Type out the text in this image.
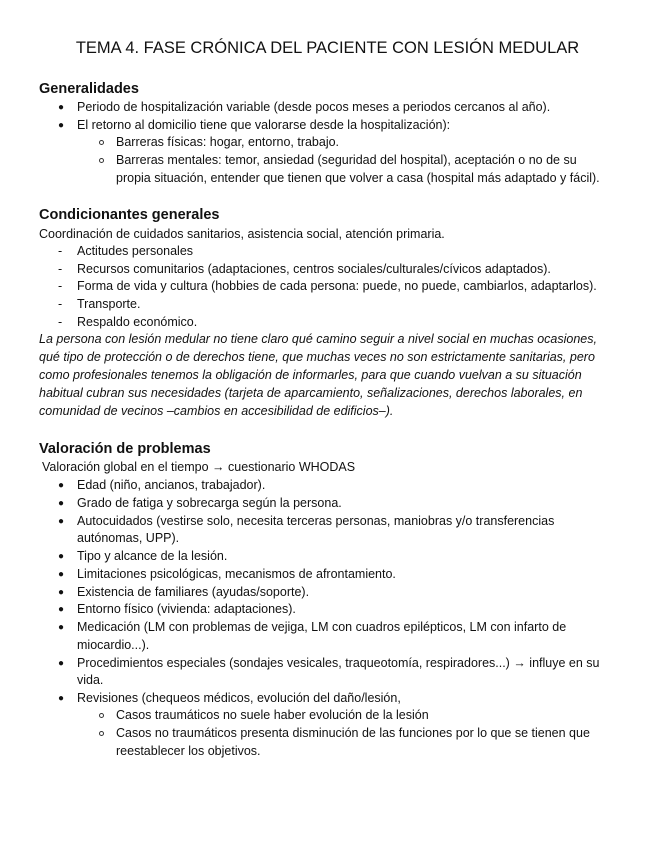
TEMA 4. FASE CRÓNICA DEL PACIENTE CON LESIÓN MEDULAR
Generalidades
● Periodo de hospitalización variable (desde pocos meses a periodos cercanos al año).
● El retorno al domicilio tiene que valorarse desde la hospitalización):
Barreras físicas: hogar, entorno, trabajo.
Barreras mentales: temor, ansiedad (seguridad del hospital), aceptación o no de su
propia situación, entender que tienen que volver a casa (hospital más adaptado y fácil).
Condicionantes generales
Coordinación de cuidados sanitarios, asistencia social, atención primaria.
- Actitudes personales
- Recursos comunitarios (adaptaciones, centros sociales/culturales/cívicos adaptados).
- Forma de vida y cultura (hobbies de cada persona: puede, no puede, cambiarlos, adaptarlos).
- Transporte.
- Respaldo económico.
La persona con lesión medular no tiene claro qué camino seguir a nivel social en muchas ocasiones,
qué tipo de protección o de derechos tiene, que muchas veces no son estrictamente sanitarias, pero
como profesionales tenemos la obligación de informarles, para que cuando vuelvan a su situación
habitual cubran sus necesidades (tarjeta de aparcamiento, señalizaciones, derechos laborales, en
comunidad de vecinos –cambios en accesibilidad de edificios–).
Valoración de problemas
Valoración global en el tiempo → cuestionario WHODAS
● Edad (niño, ancianos, trabajador).
● Grado de fatiga y sobrecarga según la persona.
● Autocuidados (vestirse solo, necesita terceras personas, maniobras y/o transferencias
autónomas, UPP).
● Tipo y alcance de la lesión.
● Limitaciones psicológicas, mecanismos de afrontamiento.
● Existencia de familiares (ayudas/soporte).
● Entorno físico (vivienda: adaptaciones).
● Medicación (LM con problemas de vejiga, LM con cuadros epilépticos, LM con infarto de
miocardio...).
● Procedimientos especiales (sondajes vesicales, traqueotomía, respiradores...) → influye en su
vida.
● Revisiones (chequeos médicos, evolución del daño/lesión,
Casos traumáticos no suele haber evolución de la lesión
Casos no traumáticos presenta disminución de las funciones por lo que se tienen que
reestablecer los objetivos.
